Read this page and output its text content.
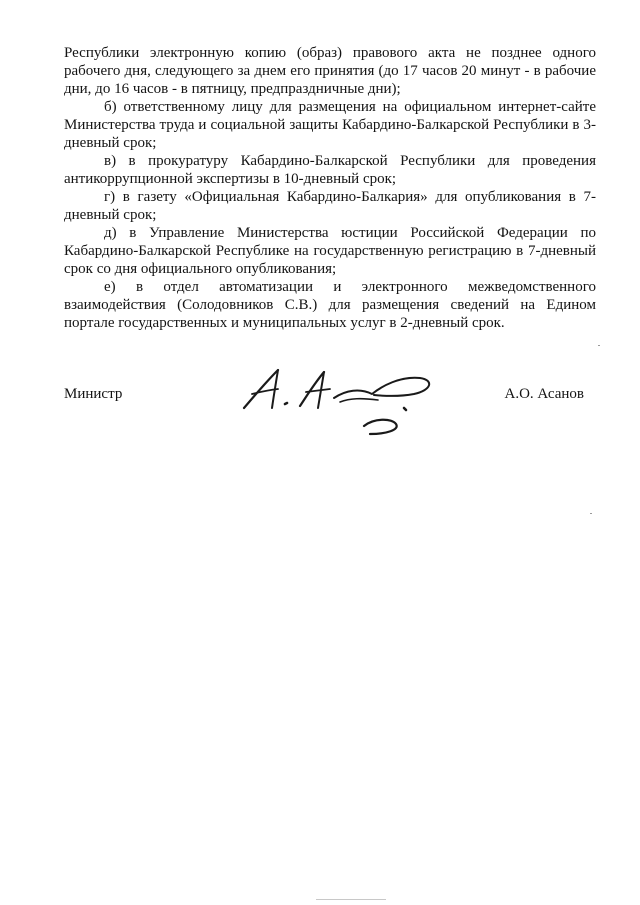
Республики электронную копию (образ) правового акта не позднее одного рабочего дня, следующего за днем его принятия (до 17 часов 20 минут - в рабочие дни, до 16 часов - в пятницу, предпраздничные дни);

б) ответственному лицу для размещения на официальном интернет-сайте Министерства труда и социальной защиты Кабардино-Балкарской Республики в 3-дневный срок;

в) в прокуратуру Кабардино-Балкарской Республики для проведения антикоррупционной экспертизы в 10-дневный срок;

г) в газету «Официальная Кабардино-Балкария» для опубликования в 7-дневный срок;

д) в Управление Министерства юстиции Российской Федерации по Кабардино-Балкарской Республике на государственную регистрацию в 7-дневный срок со дня официального опубликования;

е) в отдел автоматизации и электронного межведомственного взаимодействия (Солодовников С.В.) для размещения сведений на Едином портале государственных и муниципальных услуг в 2-дневный срок.

Министр	А.О. Асанов
